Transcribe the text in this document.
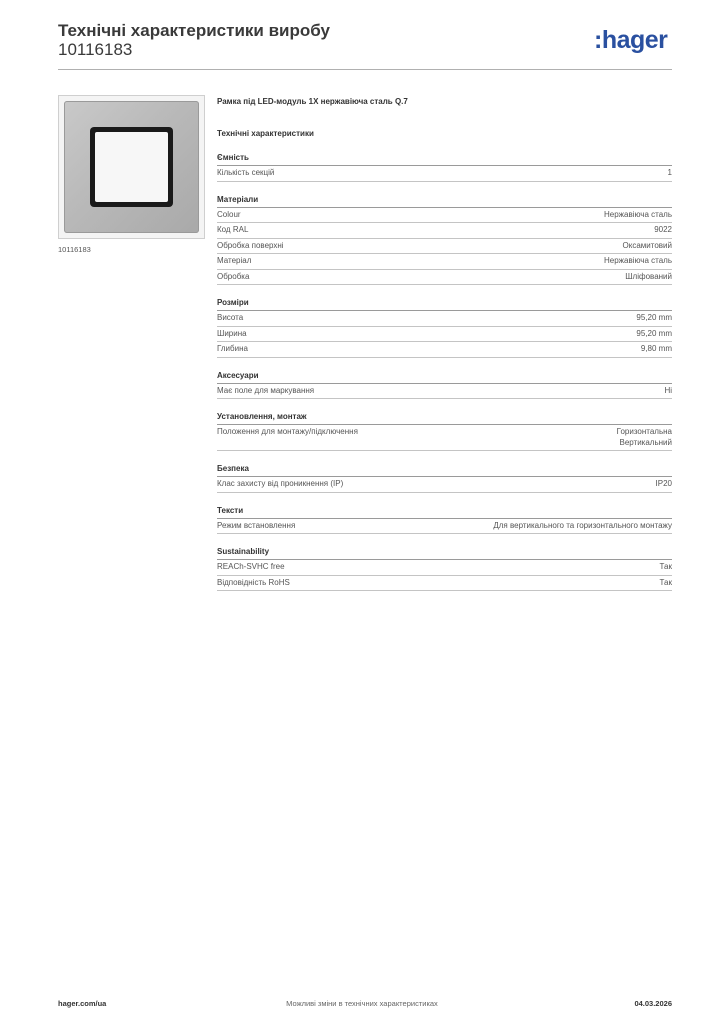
Технічні характеристики виробу
10116183	:hager
10116183
Рамка під LED-модуль 1X нержавіюча сталь Q.7
Технічні характеристики
Ємність
Кількість секцій	1
Матеріали
Colour	Нержавіюча сталь
Код RAL	9022
Обробка поверхні	Оксамитовий
Матеріал	Нержавіюча сталь
Обробка	Шліфований
Розміри
Висота	95,20 mm
Ширина	95,20 mm
Глибина	9,80 mm
Аксесуари
Має поле для маркування	Ні
Установлення, монтаж
Положення для монтажу/підключення	Горизонтальна
Вертикальний
Безпека
Клас захисту від проникнення (IP)	IP20
Тексти
Режим встановлення	Для вертикального та горизонтального монтажу
Sustainability
REACh-SVHC free	Так
Відповідність RoHS	Так
hager.com/ua	Можливі зміни в технічних характеристиках	04.03.2026
